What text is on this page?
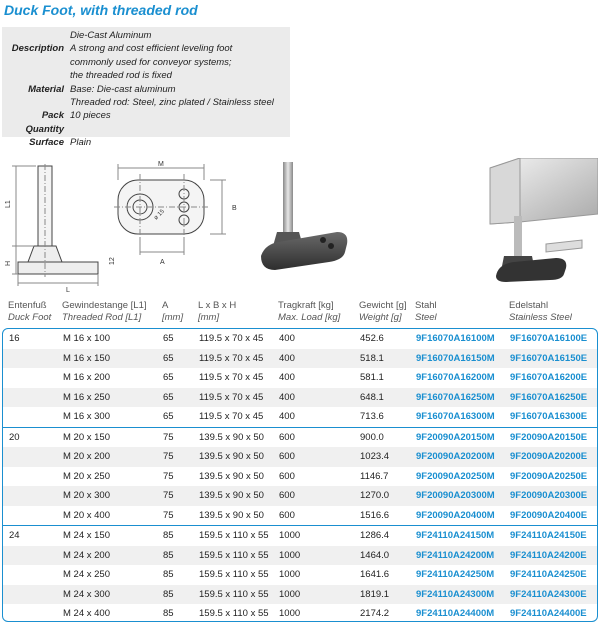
Duck Foot, with threaded rod
Die-Cast Aluminum
Description A strong and cost efficient leveling foot
commonly used for conveyor systems;
the threaded rod is fixed
Material Base: Die-cast aluminum
Threaded rod: Steel, zinc plated / Stainless steel
Pack Quantity
10 pieces
Surface Plain
L1
H
L
M
A
B
ø 15
12
Entenfuß
Duck Foot
Gewindestange [L1]
Threaded Rod [L1]
A
[mm]
L x B x H
[mm]
Tragkraft [kg]
Max. Load [kg]
Gewicht [g]
Weight [g]
Stahl
Steel
Edelstahl
Stainless Steel
16	M 16 x 100	65	119.5 x 70 x 45 400	452.6	9F16070A16100M 9F16070A16100E
M 16 x 150	65	119.5 x 70 x 45 400	518.1	9F16070A16150M 9F16070A16150E
M 16 x 200	65	119.5 x 70 x 45 400	581.1	9F16070A16200M 9F16070A16200E
M 16 x 250	65	119.5 x 70 x 45 400	648.1	9F16070A16250M 9F16070A16250E
M 16 x 300	65	119.5 x 70 x 45 400	713.6	9F16070A16300M 9F16070A16300E
20	M 20 x 150	75	139.5 x 90 x 50 600	900.0	9F20090A20150M 9F20090A20150E
M 20 x 200	75	139.5 x 90 x 50 600	1023.4	9F20090A20200M 9F20090A20200E
M 20 x 250	75	139.5 x 90 x 50 600	1146.7	9F20090A20250M 9F20090A20250E
M 20 x 300	75	139.5 x 90 x 50 600	1270.0	9F20090A20300M 9F20090A20300E
M 20 x 400	75	139.5 x 90 x 50 600	1516.6	9F20090A20400M 9F20090A20400E
24	M 24 x 150	85	159.5 x 110 x 55 1000	1286.4	9F24110A24150M 9F24110A24150E
M 24 x 200	85	159.5 x 110 x 55 1000	1464.0	9F24110A24200M 9F24110A24200E
M 24 x 250	85	159.5 x 110 x 55 1000	1641.6	9F24110A24250M 9F24110A24250E
M 24 x 300	85	159.5 x 110 x 55 1000	1819.1	9F24110A24300M 9F24110A24300E
M 24 x 400	85	159.5 x 110 x 55 1000	2174.2	9F24110A24400M 9F24110A24400E
